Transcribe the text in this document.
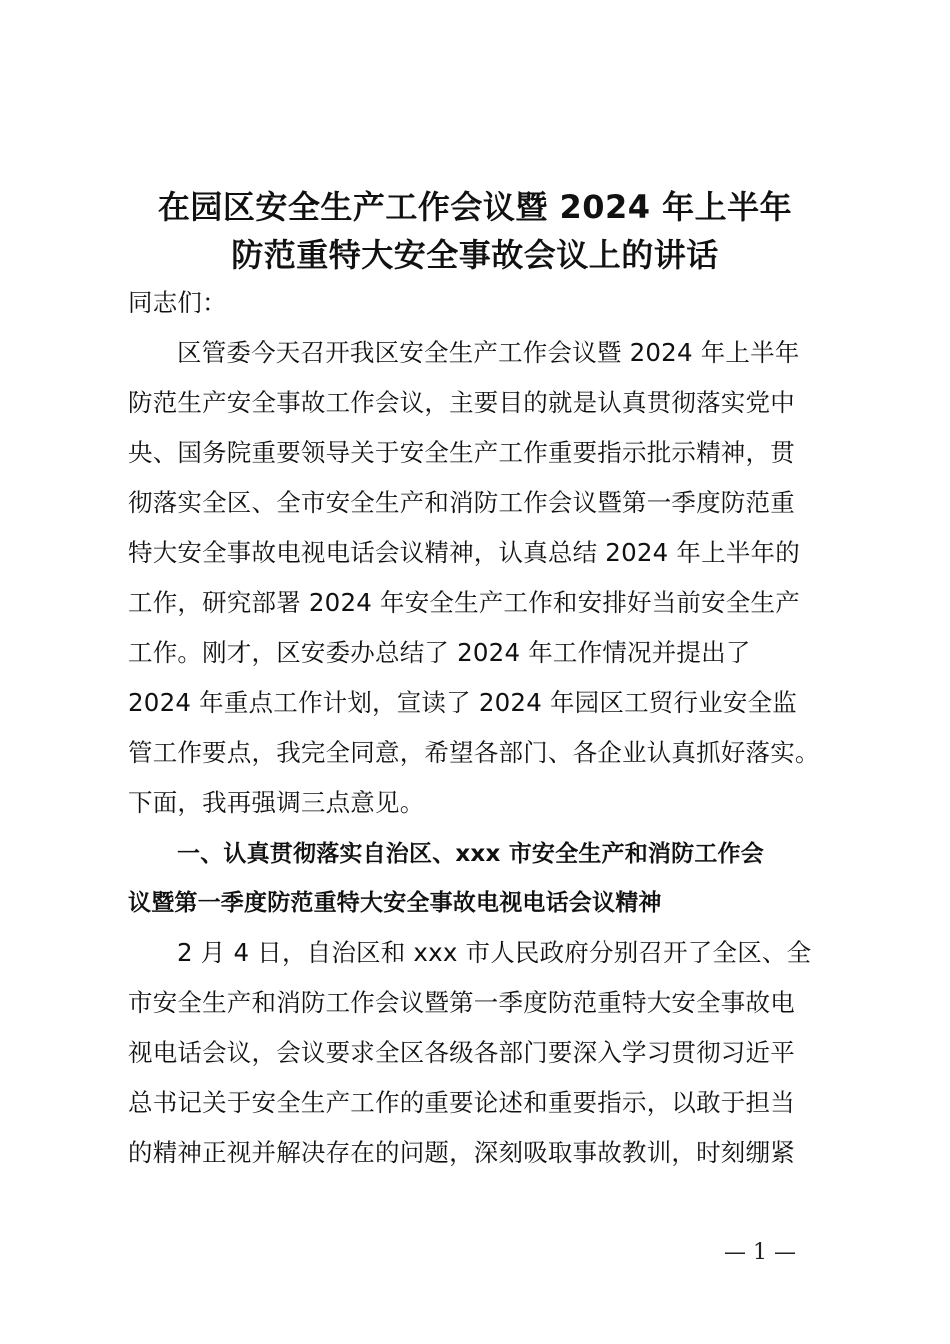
在园区安全生产工作会议暨 2024 年上半年
防范重特大安全事故会议上的讲话
同志们：
区管委今天召开我区安全生产工作会议暨 2024 年上半年
防范生产安全事故工作会议，主要目的就是认真贯彻落实党中
央、国务院重要领导关于安全生产工作重要指示批示精神，贯
彻落实全区、全市安全生产和消防工作会议暨第一季度防范重
特大安全事故电视电话会议精神，认真总结 2024 年上半年的
工作，研究部署 2024 年安全生产工作和安排好当前安全生产
工作。刚才，区安委办总结了 2024 年工作情况并提出了
2024 年重点工作计划，宣读了 2024 年园区工贸行业安全监
管工作要点，我完全同意，希望各部门、各企业认真抓好落实。
下面，我再强调三点意见。
一、认真贯彻落实自治区、xxx 市安全生产和消防工作会
议暨第一季度防范重特大安全事故电视电话会议精神
2 月 4 日，自治区和 xxx 市人民政府分别召开了全区、全
市安全生产和消防工作会议暨第一季度防范重特大安全事故电
视电话会议，会议要求全区各级各部门要深入学习贯彻习近平
总书记关于安全生产工作的重要论述和重要指示，以敢于担当
的精神正视并解决存在的问题，深刻吸取事故教训，时刻绷紧
— 1 —
